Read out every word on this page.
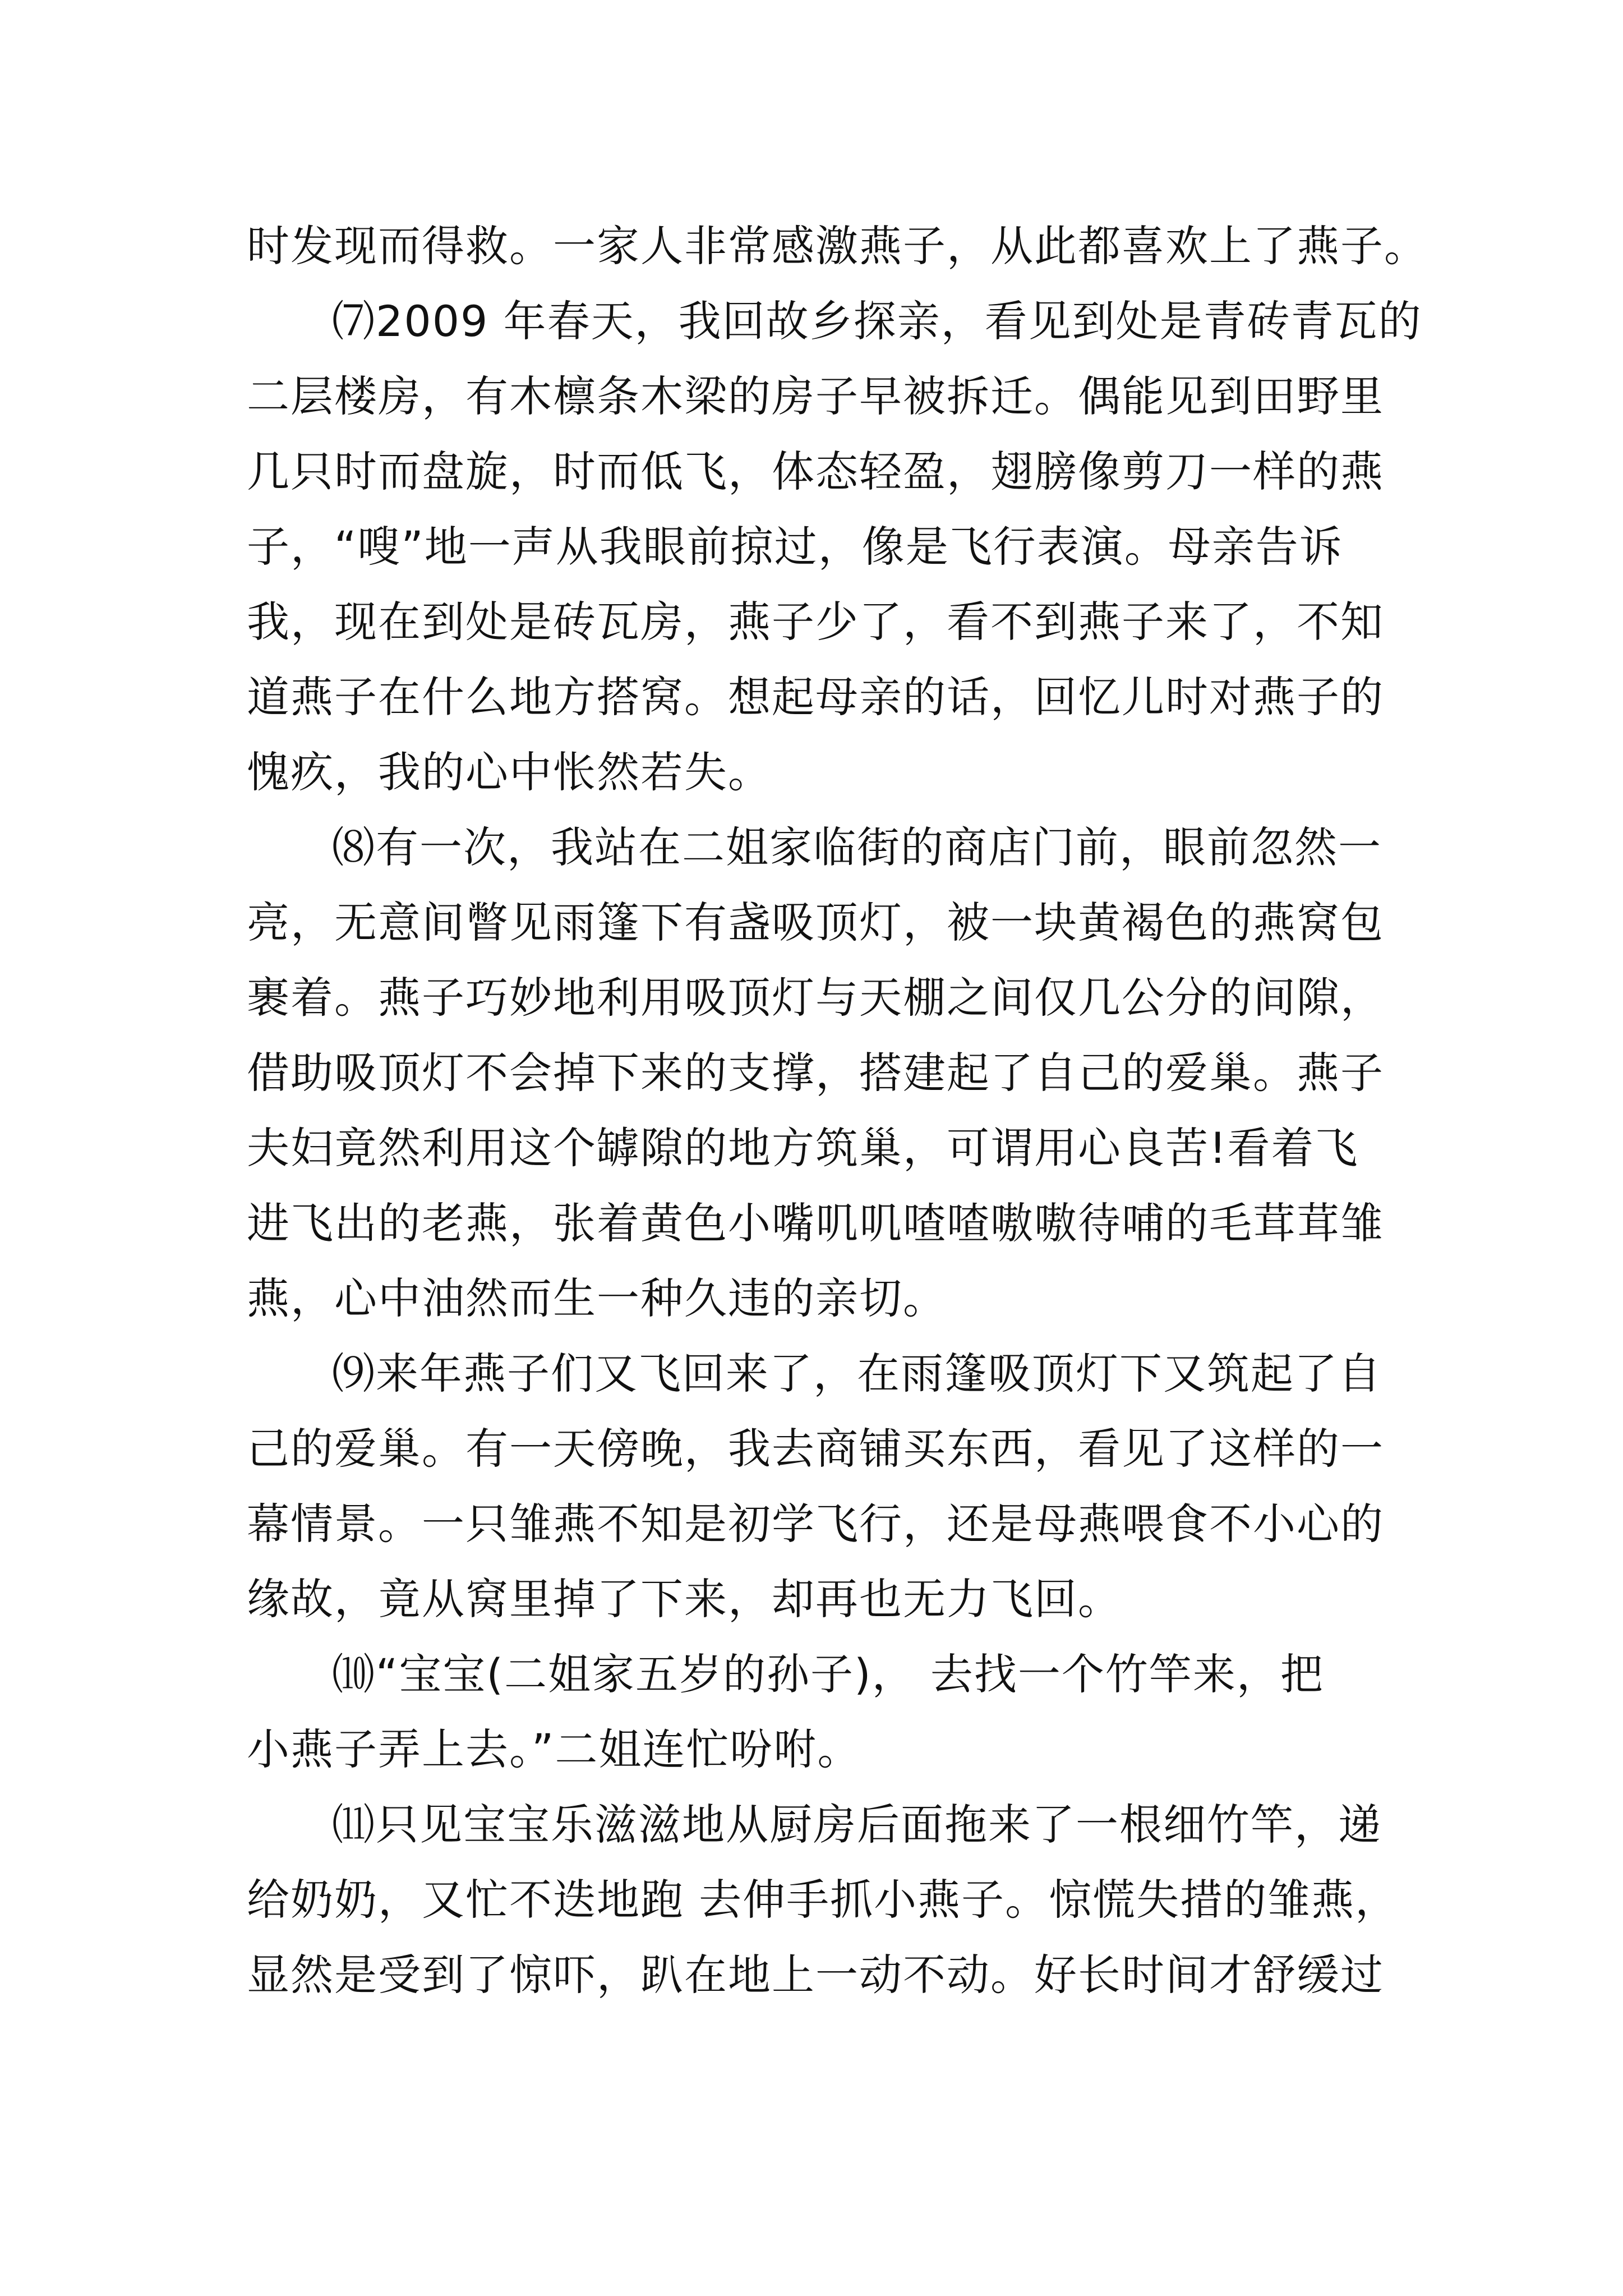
时发现而得救。一家人非常感激燕子，从此都喜欢上了燕子。
⑺2009 年春天，我回故乡探亲，看见到处是青砖青瓦的
二层楼房，有木檩条木梁的房子早被拆迁。偶能见到田野里
几只时而盘旋，时而低飞，体态轻盈，翅膀像剪刀一样的燕
子，“嗖”地一声从我眼前掠过，像是飞行表演。母亲告诉
我，现在到处是砖瓦房，燕子少了，看不到燕子来了，不知
道燕子在什么地方搭窝。想起母亲的话，回忆儿时对燕子的
愧疚，我的心中怅然若失。
⑻有一次，我站在二姐家临街的商店门前，眼前忽然一
亮，无意间瞥见雨篷下有盏吸顶灯，被一块黄褐色的燕窝包
裹着。燕子巧妙地利用吸顶灯与天棚之间仅几公分的间隙，
借助吸顶灯不会掉下来的支撑，搭建起了自己的爱巢。燕子
夫妇竟然利用这个罅隙的地方筑巢，可谓用心良苦!看着飞
进飞出的老燕，张着黄色小嘴叽叽喳喳嗷嗷待哺的毛茸茸雏
燕，心中油然而生一种久违的亲切。
⑼来年燕子们又飞回来了，在雨篷吸顶灯下又筑起了自
己的爱巢。有一天傍晚，我去商铺买东西，看见了这样的一
幕情景。一只雏燕不知是初学飞行，还是母燕喂食不小心的
缘故，竟从窝里掉了下来，却再也无力飞回。
⑽“宝宝(二姐家五岁的孙子)， 去找一个竹竿来，把
小燕子弄上去。”二姐连忙吩咐。
⑾只见宝宝乐滋滋地从厨房后面拖来了一根细竹竿，递
给奶奶，又忙不迭地跑 去伸手抓小燕子。惊慌失措的雏燕，
显然是受到了惊吓，趴在地上一动不动。好长时间才舒缓过
